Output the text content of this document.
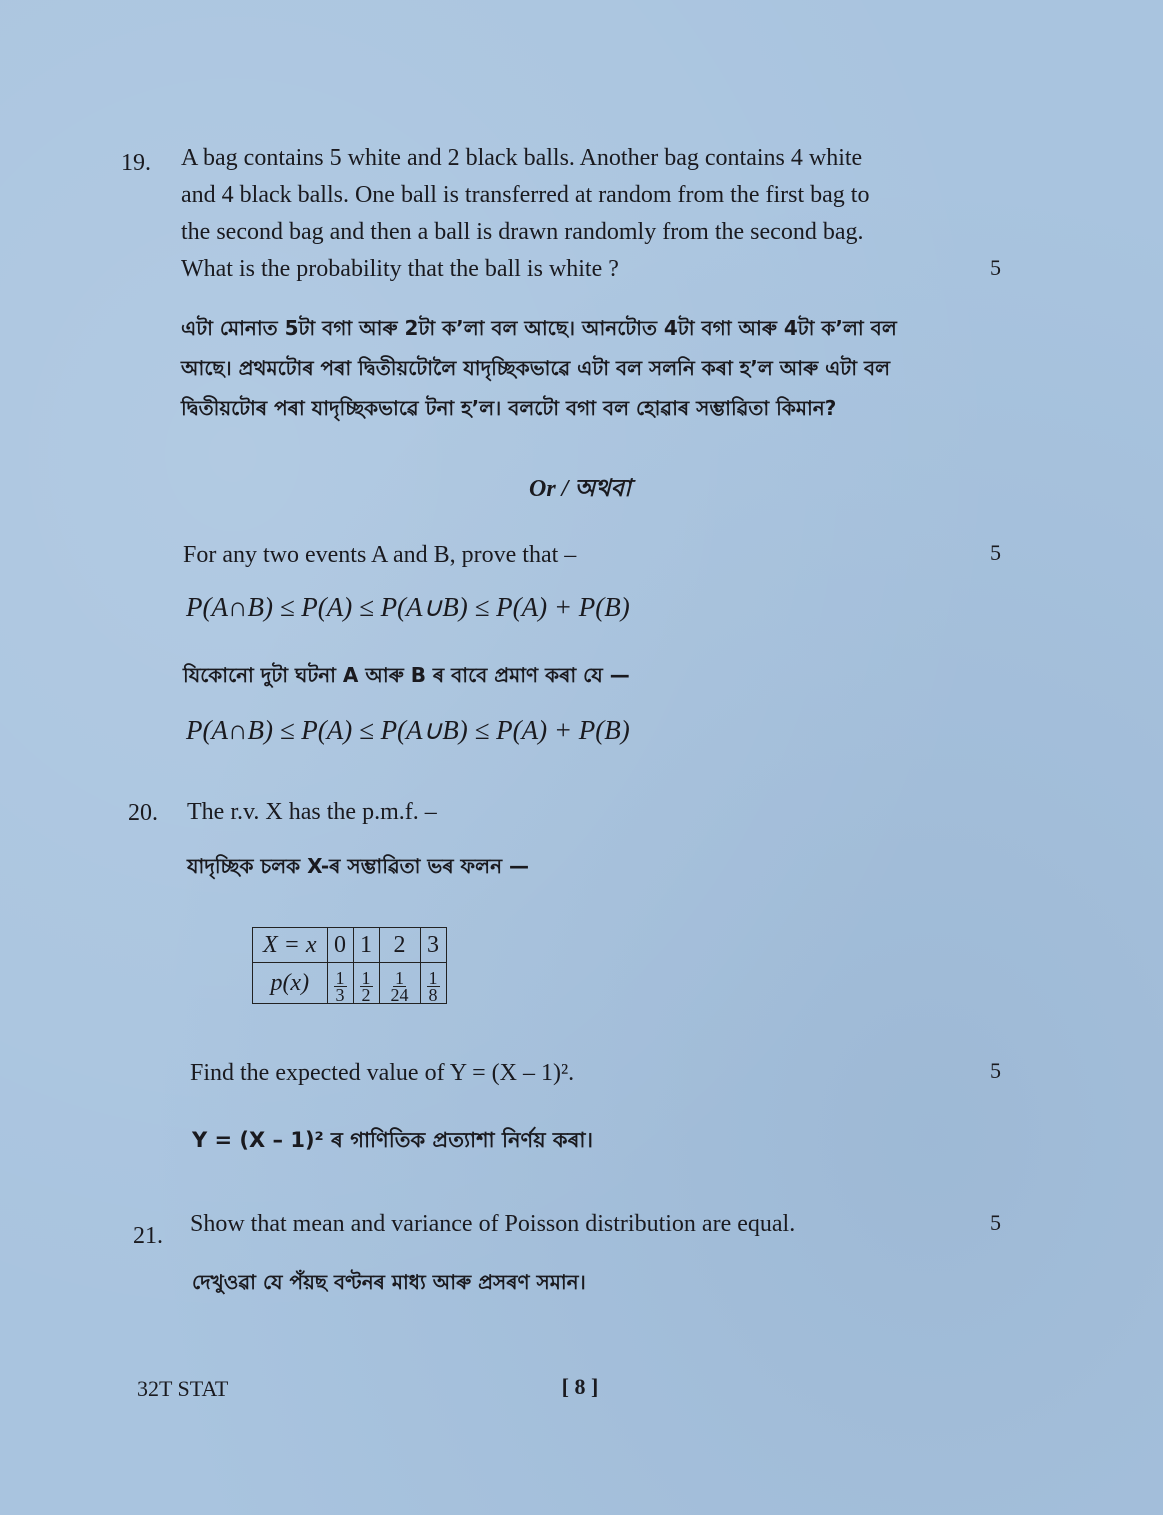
19. A bag contains 5 white and 2 black balls. Another bag contains 4 white
and 4 black balls. One ball is transferred at random from the first bag to
the second bag and then a ball is drawn randomly from the second bag.
What is the probability that the ball is white ?	5
এটা মোনাত 5টা বগা আৰু 2টা ক’লা বল আছে। আনটোত 4টা বগা আৰু 4টা ক’লা বল
আছে। প্ৰথমটোৰ পৰা দ্বিতীয়টোলৈ যাদৃচ্ছিকভাৱে এটা বল সলনি কৰা হ’ল আৰু এটা বল
দ্বিতীয়টোৰ পৰা যাদৃচ্ছিকভাৱে টনা হ’ল। বলটো বগা বল হোৱাৰ সম্ভাৱিতা কিমান?
Or / অথবা
For any two events A and B, prove that –	5
P(A∩B) ≤ P(A) ≤ P(A∪B) ≤ P(A) + P(B)
যিকোনো দুটা ঘটনা A আৰু B ৰ বাবে প্ৰমাণ কৰা যে —
P(A∩B) ≤ P(A) ≤ P(A∪B) ≤ P(A) + P(B)
20. The r.v. X has the p.m.f. –
যাদৃচ্ছিক চলক X-ৰ সম্ভাৱিতা ভৰ ফলন —
X = x	0	1	2	3
p(x)	$\frac{1}{3}$	$\frac{1}{2}$	$\frac{1}{24}$	$\frac{1}{8}$
Find the expected value of Y = (X – 1)².	5
Y = (X – 1)² ৰ গাণিতিক প্ৰত্যাশা নিৰ্ণয় কৰা।
21. Show that mean and variance of Poisson distribution are equal.	5
দেখুওৱা যে পঁয়ছ বণ্টনৰ মাধ্য আৰু প্ৰসৰণ সমান।
32T STAT	[ 8 ]
